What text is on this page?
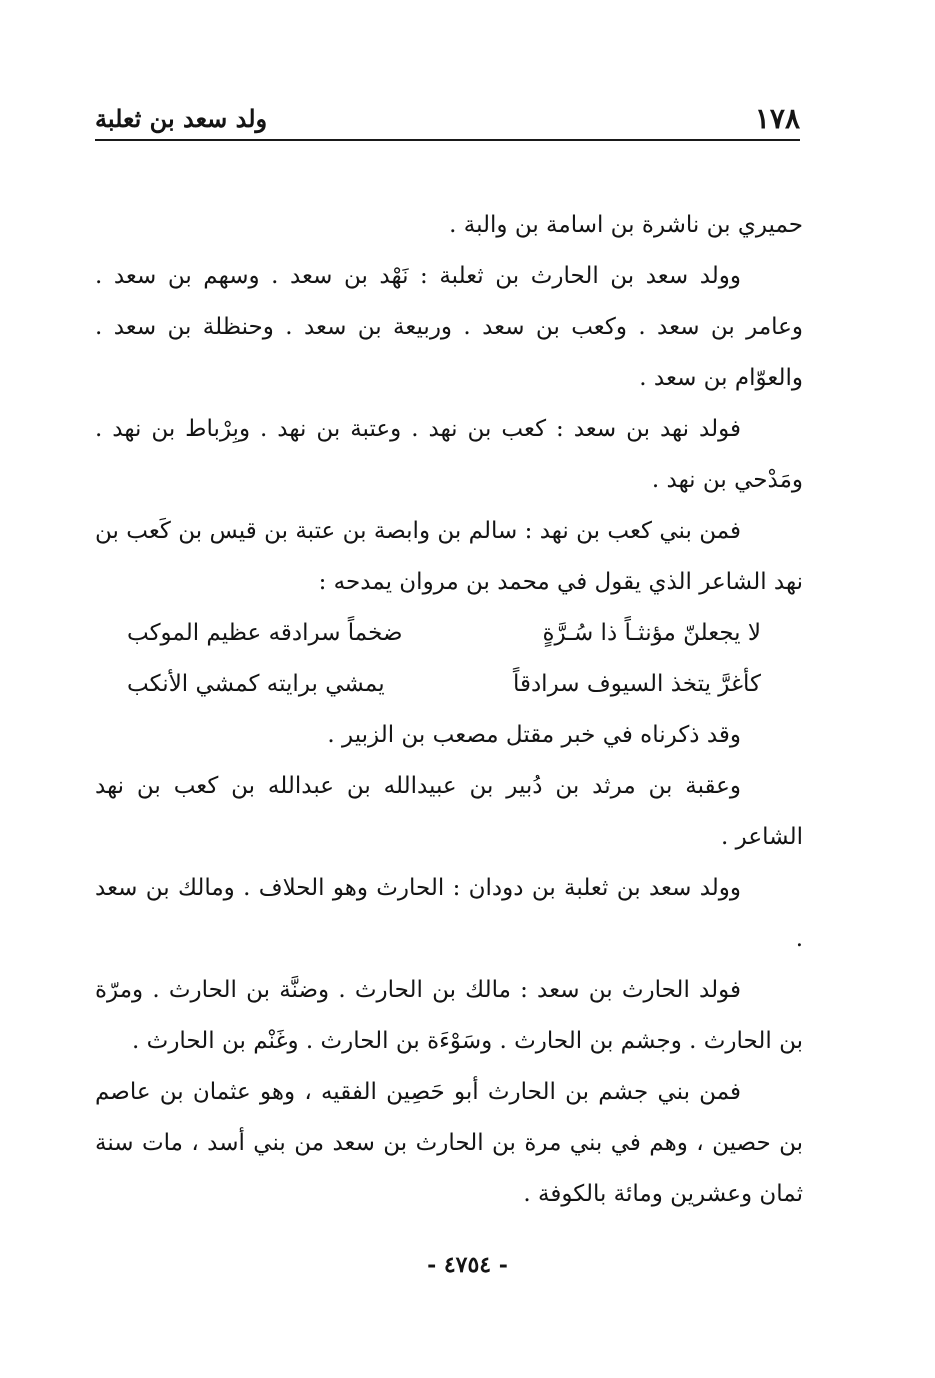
١٧٨
ولد سعد بن ثعلبة

حميري بن ناشرة بن اسامة بن والبة .

وولد سعد بن الحارث بن ثعلبة : نَهْد بن سعد . وسهم بن سعد . وعامر بن سعد . وكعب بن سعد . وربيعة بن سعد . وحنظلة بن سعد . والعوّام بن سعد .

فولد نهد بن سعد : كعب بن نهد . وعتبة بن نهد . وبِرْباط بن نهد . ومَدْحي بن نهد .

فمن بني كعب بن نهد : سالم بن وابصة بن عتبة بن قيس بن كَعب بن نهد الشاعر الذي يقول في محمد بن مروان يمدحه :

لا يجعلنّ مؤنثـاً ذا سُـرَّةٍ
ضخماً سرادقه عظيم الموكب
كأغرَّ يتخذ السيوف سرادقاً
يمشي برايته كمشي الأنكب

وقد ذكرناه في خبر مقتل مصعب بن الزبير .

وعقبة بن مرثد بن دُبير بن عبيدالله بن عبدالله بن كعب بن نهد الشاعر .

وولد سعد بن ثعلبة بن دودان : الحارث وهو الحلاف . ومالك بن سعد .

فولد الحارث بن سعد : مالك بن الحارث . وضنَّة بن الحارث . ومرّة بن الحارث . وجشم بن الحارث . وسَوْءَة بن الحارث . وغَنْم بن الحارث .

فمن بني جشم بن الحارث أبو حَصِين الفقيه ، وهو عثمان بن عاصم بن حصين ، وهم في بني مرة بن الحارث بن سعد من بني أسد ، مات سنة ثمان وعشرين ومائة بالكوفة .

- ٤٧٥٤ -
